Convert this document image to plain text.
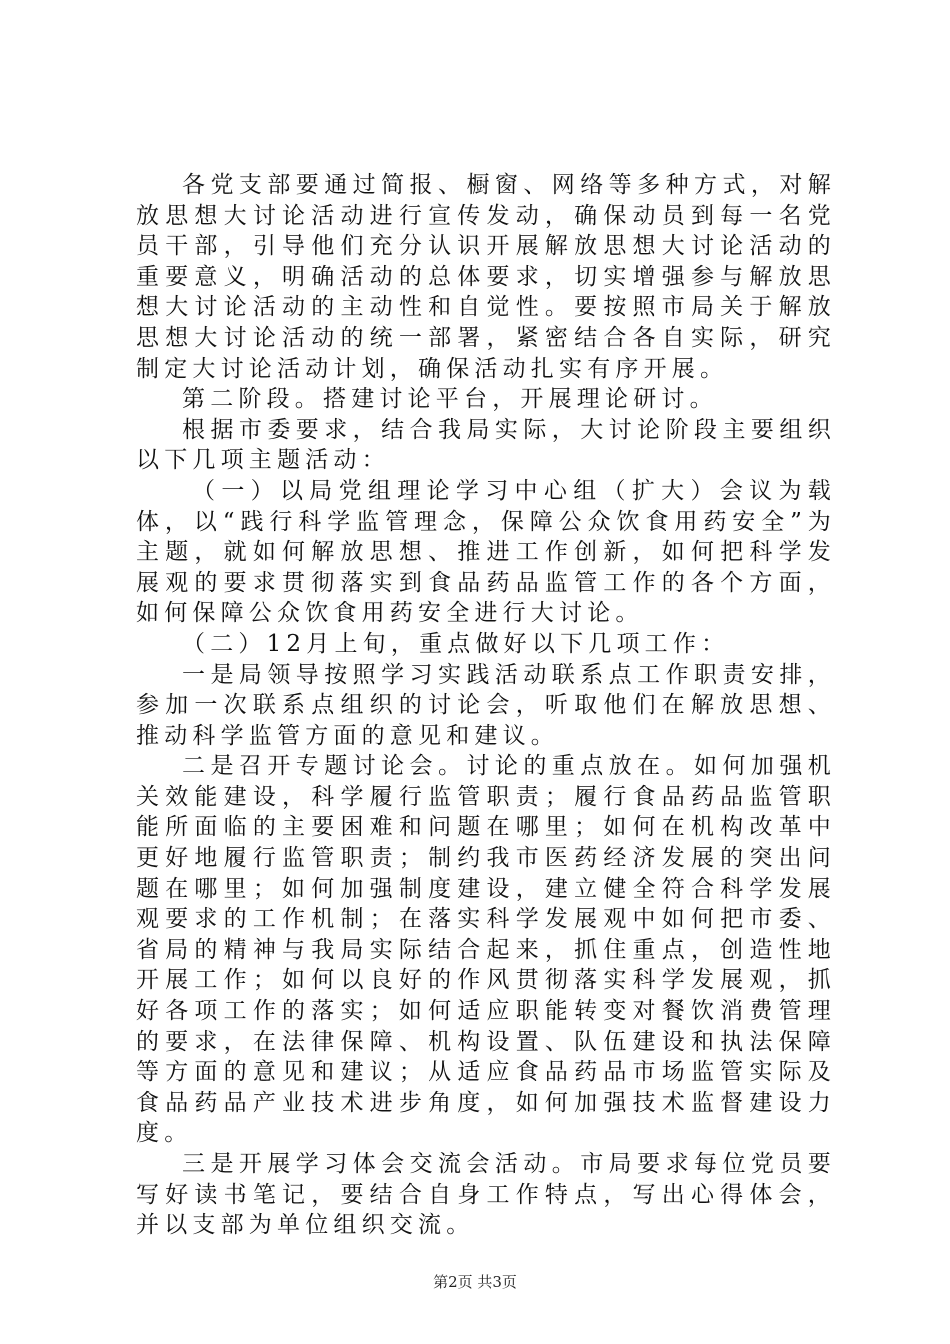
各党支部要通过简报、橱窗、网络等多种方式，对解放思想大讨论活动进行宣传发动，确保动员到每一名党员干部，引导他们充分认识开展解放思想大讨论活动的重要意义，明确活动的总体要求，切实增强参与解放思想大讨论活动的主动性和自觉性。要按照市局关于解放思想大讨论活动的统一部署，紧密结合各自实际，研究制定大讨论活动计划，确保活动扎实有序开展。

第二阶段。搭建讨论平台，开展理论研讨。

根据市委要求，结合我局实际，大讨论阶段主要组织以下几项主题活动：

（一）以局党组理论学习中心组（扩大）会议为载体，以“践行科学监管理念，保障公众饮食用药安全”为主题，就如何解放思想、推进工作创新，如何把科学发展观的要求贯彻落实到食品药品监管工作的各个方面，如何保障公众饮食用药安全进行大讨论。

（二）12月上旬，重点做好以下几项工作：

一是局领导按照学习实践活动联系点工作职责安排，参加一次联系点组织的讨论会，听取他们在解放思想、推动科学监管方面的意见和建议。

二是召开专题讨论会。讨论的重点放在。如何加强机关效能建设，科学履行监管职责；履行食品药品监管职能所面临的主要困难和问题在哪里；如何在机构改革中更好地履行监管职责；制约我市医药经济发展的突出问题在哪里；如何加强制度建设，建立健全符合科学发展观要求的工作机制；在落实科学发展观中如何把市委、省局的精神与我局实际结合起来，抓住重点，创造性地开展工作；如何以良好的作风贯彻落实科学发展观，抓好各项工作的落实；如何适应职能转变对餐饮消费管理的要求，在法律保障、机构设置、队伍建设和执法保障等方面的意见和建议；从适应食品药品市场监管实际及食品药品产业技术进步角度，如何加强技术监督建设力度。

三是开展学习体会交流会活动。市局要求每位党员要写好读书笔记，要结合自身工作特点，写出心得体会，并以支部为单位组织交流。

第2页 共3页
